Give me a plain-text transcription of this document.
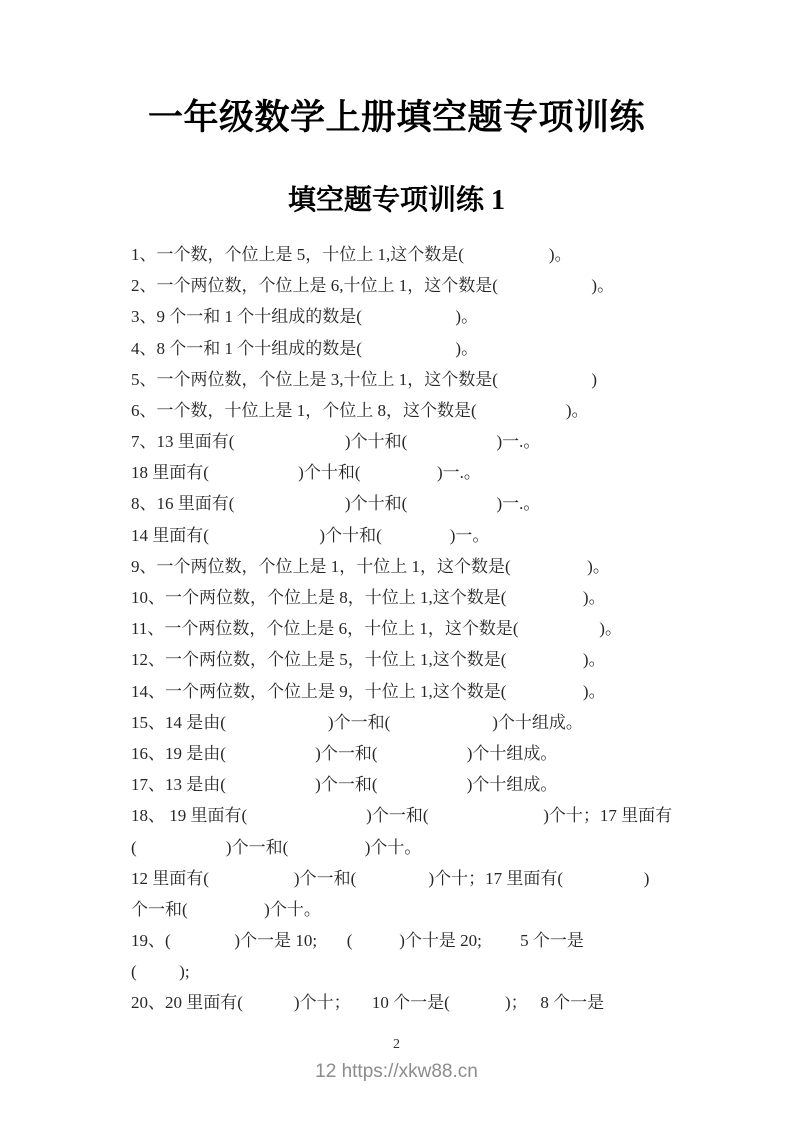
一年级数学上册填空题专项训练
填空题专项训练 1
1、一个数，个位上是 5，十位上 1,这个数是(                    )。
2、一个两位数，个位上是 6,十位上 1，这个数是(                      )。
3、9 个一和 1 个十组成的数是(                      )。
4、8 个一和 1 个十组成的数是(                      )。
5、一个两位数，个位上是 3,十位上 1，这个数是(                      )
6、一个数，十位上是 1，个位上 8，这个数是(                     )。
7、13 里面有(                          )个十和(                     )一.。
18 里面有(                     )个十和(                  )一.。
8、16 里面有(                          )个十和(                     )一.。
14 里面有(                          )个十和(                )一。
9、一个两位数，个位上是 1，十位上 1，这个数是(                  )。
10、一个两位数，个位上是 8，十位上 1,这个数是(                  )。
11、一个两位数，个位上是 6，十位上 1，这个数是(                   )。
12、一个两位数，个位上是 5，十位上 1,这个数是(                  )。
14、一个两位数，个位上是 9，十位上 1,这个数是(                  )。
15、14 是由(                        )个一和(                        )个十组成。
16、19 是由(                     )个一和(                     )个十组成。
17、13 是由(                     )个一和(                     )个十组成。
18、 19 里面有(                            )个一和(                           )个十；17 里面有
(                     )个一和(                  )个十。
12 里面有(                    )个一和(                 )个十；17 里面有(                   )
个一和(                  )个十。
19、(               )个一是 10;       (           )个十是 20;         5 个一是
(          );
20、20 里面有(            )个十；     10 个一是(             )；   8 个一是
2
12 https://xkw88.cn
